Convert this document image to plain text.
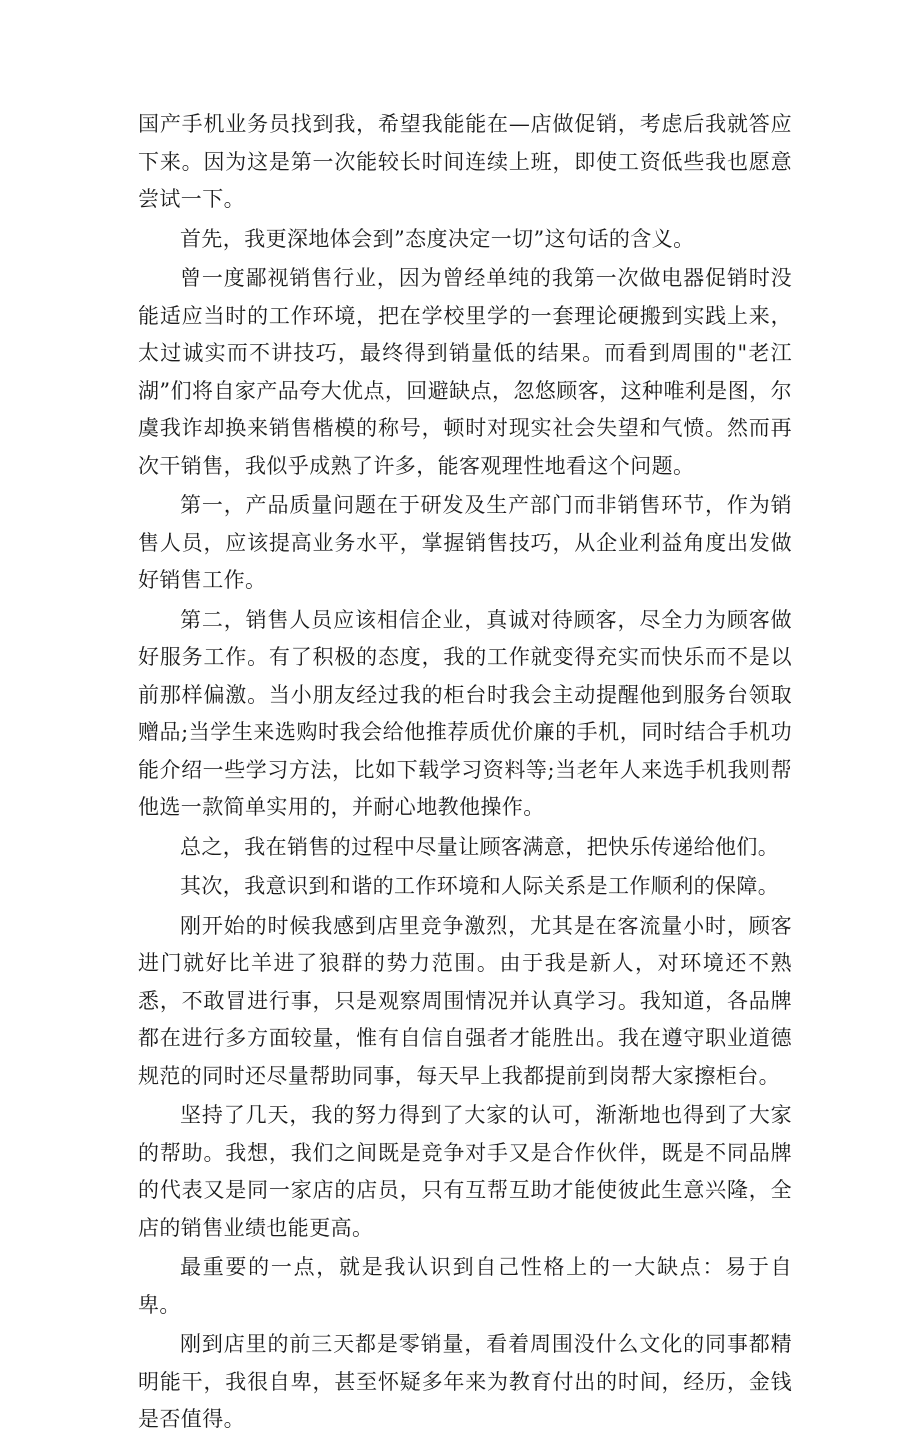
国产手机业务员找到我，希望我能能在—店做促销，考虑后我就答应下来。因为这是第一次能较长时间连续上班，即使工资低些我也愿意尝试一下。

首先，我更深地体会到”态度决定一切”这句话的含义。

曾一度鄙视销售行业，因为曾经单纯的我第一次做电器促销时没能适应当时的工作环境，把在学校里学的一套理论硬搬到实践上来，太过诚实而不讲技巧，最终得到销量低的结果。而看到周围的"老江湖”们将自家产品夸大优点，回避缺点，忽悠顾客，这种唯利是图，尔虞我诈却换来销售楷模的称号，顿时对现实社会失望和气愤。然而再次干销售，我似乎成熟了许多，能客观理性地看这个问题。

第一，产品质量问题在于研发及生产部门而非销售环节，作为销售人员，应该提高业务水平，掌握销售技巧，从企业利益角度出发做好销售工作。

第二，销售人员应该相信企业，真诚对待顾客，尽全力为顾客做好服务工作。有了积极的态度，我的工作就变得充实而快乐而不是以前那样偏激。当小朋友经过我的柜台时我会主动提醒他到服务台领取赠品;当学生来选购时我会给他推荐质优价廉的手机，同时结合手机功能介绍一些学习方法，比如下载学习资料等;当老年人来选手机我则帮他选一款简单实用的，并耐心地教他操作。

总之，我在销售的过程中尽量让顾客满意，把快乐传递给他们。

其次，我意识到和谐的工作环境和人际关系是工作顺利的保障。

刚开始的时候我感到店里竞争激烈，尤其是在客流量小时，顾客进门就好比羊进了狼群的势力范围。由于我是新人，对环境还不熟悉，不敢冒进行事，只是观察周围情况并认真学习。我知道，各品牌都在进行多方面较量，惟有自信自强者才能胜出。我在遵守职业道德规范的同时还尽量帮助同事，每天早上我都提前到岗帮大家擦柜台。

坚持了几天，我的努力得到了大家的认可，渐渐地也得到了大家的帮助。我想，我们之间既是竞争对手又是合作伙伴，既是不同品牌的代表又是同一家店的店员，只有互帮互助才能使彼此生意兴隆，全店的销售业绩也能更高。

最重要的一点，就是我认识到自己性格上的一大缺点：易于自卑。

刚到店里的前三天都是零销量，看着周围没什么文化的同事都精明能干，我很自卑，甚至怀疑多年来为教育付出的时间，经历，金钱是否值得。
